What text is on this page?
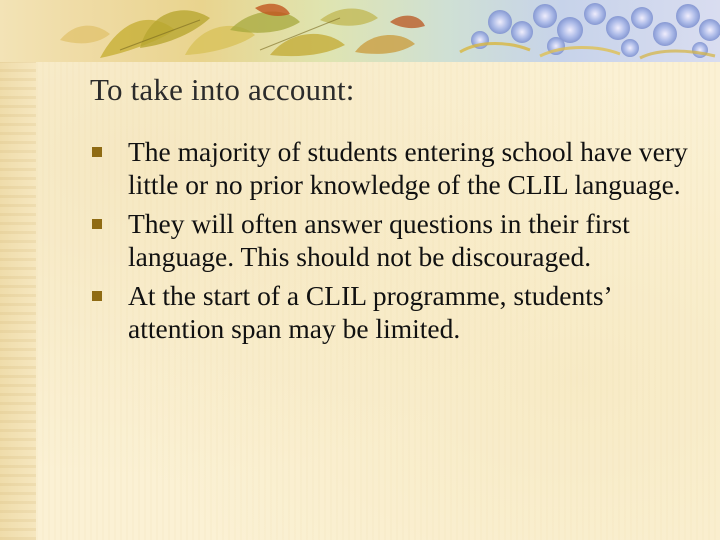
To take into account:
The majority of students entering school have very little or no prior knowledge of the CLIL language.
They will often answer questions in their first language. This should not be discouraged.
At the start of a CLIL programme, students’ attention span may be limited.
